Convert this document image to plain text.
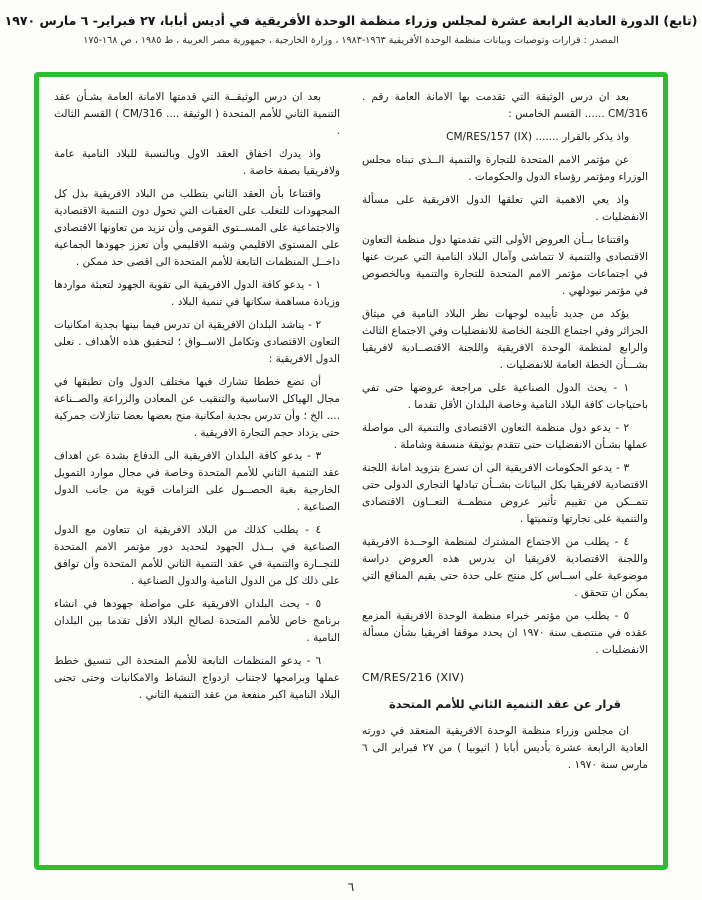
(تابع) الدورة العادية الرابعة عشرة لمجلس وزراء منظمة الوحدة الأفريقية في أديس أبابا، ٢٧ فبراير- ٦ مارس ١٩٧٠
المصدر : قرارات وتوصيات وبيانات منظمة الوحدة الأفريقية ١٩٦٣-١٩٨٣ ، وزارة الخارجية ، جمهورية مصر العربية ، ط ١٩٨٥ ، ص ١٦٨-١٧٥

بعد ان درس الوثيقة التي تقدمت بها الامانة العامة رقم . CM/316 ...... القسم الخامس :

واذ يذكر بالقرار ....... CM/RES/157 (IX)

عن مؤتمر الامم المتحدة للتجارة والتنمية الــذى تبناه مجلس الوزراء ومؤتمر رؤساء الدول والحكومات .

واذ يعي الاهمية التي تعلقها الدول الافريقية على مسألة الانفضليات .

واقتناعا بــأن العروض الأولى التي تقدمتها دول منظمة التعاون الاقتصادى والتنمية لا تتماشى وآمال البلاد النامية التي عبرت عنها في اجتماعات مؤتمر الامم المتحدة للتجارة والتنمية وبالخصوص في مؤتمر نيودلهي .

يؤكد من جديد تأييده لوجهات نظر البلاد النامية في ميثاق الجزائر وفي اجتماع اللجنة الخاصة للانفضليات وفي الاجتماع الثالث والرابع لمنظمة الوحدة الافريقية واللجنة الاقتصــادية لافريقيا بشـــأن الخطة العامة للانفضليات .

١ - يحث الدول الصناعية على مراجعة عروضها حتى تفي باحتياجات كافة البلاد النامية وخاصة البلدان الأقل تقدما .

٢ - يدعو دول منظمة التعاون الاقتصادى والتنمية الى مواصلة عملها بشـأن الانفضليات حتى تتقدم بوثيقة منسقة وشاملة .

٣ - يدعو الحكومات الافريقية الى ان تسرع بتزويد امانة اللجنة الاقتصادية لافريقيا بكل البيانات بشــأن تبادلها التجارى الدولى حتى تتمــكن من تقييم تأثير عروض منظمــة التعــاون الاقتصادى والتنمية على تجارتها وتنميتها .

٤ - يطلب من الاجتماع المشترك لمنظمة الوحــدة الافريقية واللجنة الاقتصادية لافريقيا ان يدرس هذه العروض دراسة موضوعية على اســاس كل منتج على حدة حتى يقيم المنافع التي يمكن ان تتحقق .

٥ - يطلب من مؤتمر خبراء منظمة الوحدة الافريقية المزمع عقده في منتصف سنة ١٩٧٠ ان يحدد موقفا افريقيا بشأن مسألة الانفضليات .

CM/RES/216 (XIV)

قرار عن عقد التنمية الثاني للأمم المتحدة

ان مجلس وزراء منظمة الوحدة الافريقية المنعقد في دورته العادية الرابعة عشرة بأديس أبابا ( اثيوبيا ) من ٢٧ فبراير الى ٦ مارس سنة ١٩٧٠ .

بعد ان درس الوثيقــة التي قدمتها الامانة العامة بشـأن عقد التنمية الثاني للأمم المتحدة ( الوثيقة .... CM/316 ) القسم الثالث .

واذ يدرك اخفاق العقد الاول وبالنسبة للبلاد النامية عامة ولافريقيا بصفة خاصة .

واقتناعا بأن العقد الثاني يتطلب من البلاد الافريقية بذل كل المجهودات للتغلب على العقبات التي تحول دون التنمية الاقتصادية والاجتماعية على المســتوى القومى وأن تزيد من تعاونها الاقتصادى على المستوى الاقليمي وشبه الاقليمي وأن تعزز جهودها الجماعية داخــل المنظمات التابعة للأمم المتحدة الى اقصى حد ممكن .

١ - يدعو كافة الدول الافريقية الى تقوية الجهود لتعبئة مواردها وزيادة مساهمة سكانها في تنمية البلاد .

٢ - يناشد البلدان الافريقية ان تدرس فيما بينها بجدية امكانيات التعاون الاقتصادى وتكامل الاســواق ؛ لتحقيق هذه الأهداف . نعلى الدول الافريقية :

أن تضع خططا تشارك فيها مختلف الدول وان تطبقها في مجال الهياكل الاساسية والتنقيب عن المعادن والزراعة والصــناعة .... الخ ؛ وأن تدرس بجدية امكانية منح بعضها بعضا تنازلات جمركية حتى يزداد حجم التجارة الافريقية .

٣ - يدعو كافة البلدان الافريقية الى الدفاع بشدة عن اهداف عقد التنمية الثاني للأمم المتحدة وخاصة في مجال موارد التمويل الخارجية بغية الحصــول على التزامات قوية من جانب الدول الصناعية .

٤ - يطلب كذلك من البلاد الافريقية ان تتعاون مع الدول الصناعية في بــذل الجهود لتحديد دور مؤتمر الامم المتحدة للتجــارة والتنمية في عقد التنمية الثاني للأمم المتحدة وأن توافق على ذلك كل من الدول النامية والدول الصناعية .

٥ - يحث البلدان الافريقية على مواصلة جهودها في انشاء برنامج خاص للأمم المتحدة لصالح البلاد الأقل تقدما بين البلدان النامية .

٦ - يدعو المنظمات التابعة للأمم المتحدة الى تنسيق خطط عملها وبرامجها لاجتناب ازدواج النشاط والامكانيات وحتى تجنى البلاد النامية اكبر منفعة من عقد التنمية الثاني .

٦
